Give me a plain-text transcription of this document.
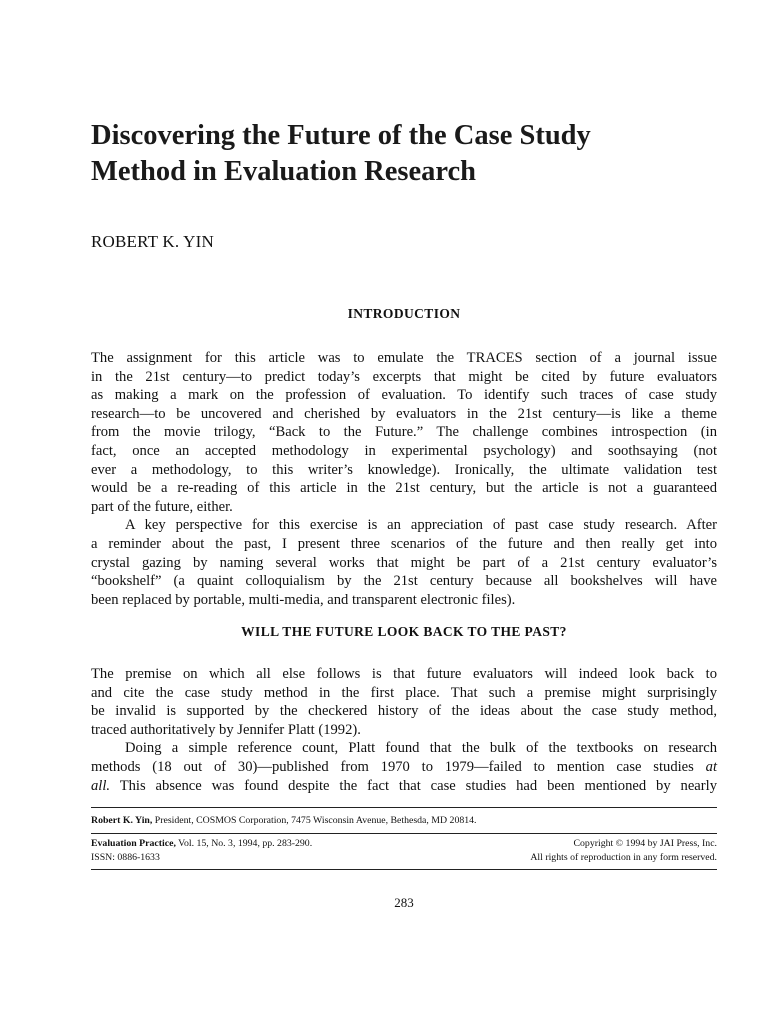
Discovering the Future of the Case Study
Method in Evaluation Research
ROBERT K. YIN
INTRODUCTION
The assignment for this article was to emulate the TRACES section of a journal issue
in the 21st century—to predict today’s excerpts that might be cited by future evaluators
as making a mark on the profession of evaluation. To identify such traces of case study
research—to be uncovered and cherished by evaluators in the 21st century—is like a theme
from the movie trilogy, “Back to the Future.” The challenge combines introspection (in
fact, once an accepted methodology in experimental psychology) and soothsaying (not
ever a methodology, to this writer’s knowledge). Ironically, the ultimate validation test
would be a re-reading of this article in the 21st century, but the article is not a guaranteed
part of the future, either.
A key perspective for this exercise is an appreciation of past case study research. After
a reminder about the past, I present three scenarios of the future and then really get into
crystal gazing by naming several works that might be part of a 21st century evaluator’s
“bookshelf” (a quaint colloquialism by the 21st century because all bookshelves will have
been replaced by portable, multi-media, and transparent electronic files).
WILL THE FUTURE LOOK BACK TO THE PAST?
The premise on which all else follows is that future evaluators will indeed look back to
and cite the case study method in the first place. That such a premise might surprisingly
be invalid is supported by the checkered history of the ideas about the case study method,
traced authoritatively by Jennifer Platt (1992).
Doing a simple reference count, Platt found that the bulk of the textbooks on research
methods (18 out of 30)—published from 1970 to 1979—failed to mention case studies at
all. This absence was found despite the fact that case studies had been mentioned by nearly
Robert K. Yin, President, COSMOS Corporation, 7475 Wisconsin Avenue, Bethesda, MD 20814.
Evaluation Practice, Vol. 15, No. 3, 1994, pp. 283-290.	Copyright © 1994 by JAI Press, Inc.
ISSN: 0886-1633	All rights of reproduction in any form reserved.
283
